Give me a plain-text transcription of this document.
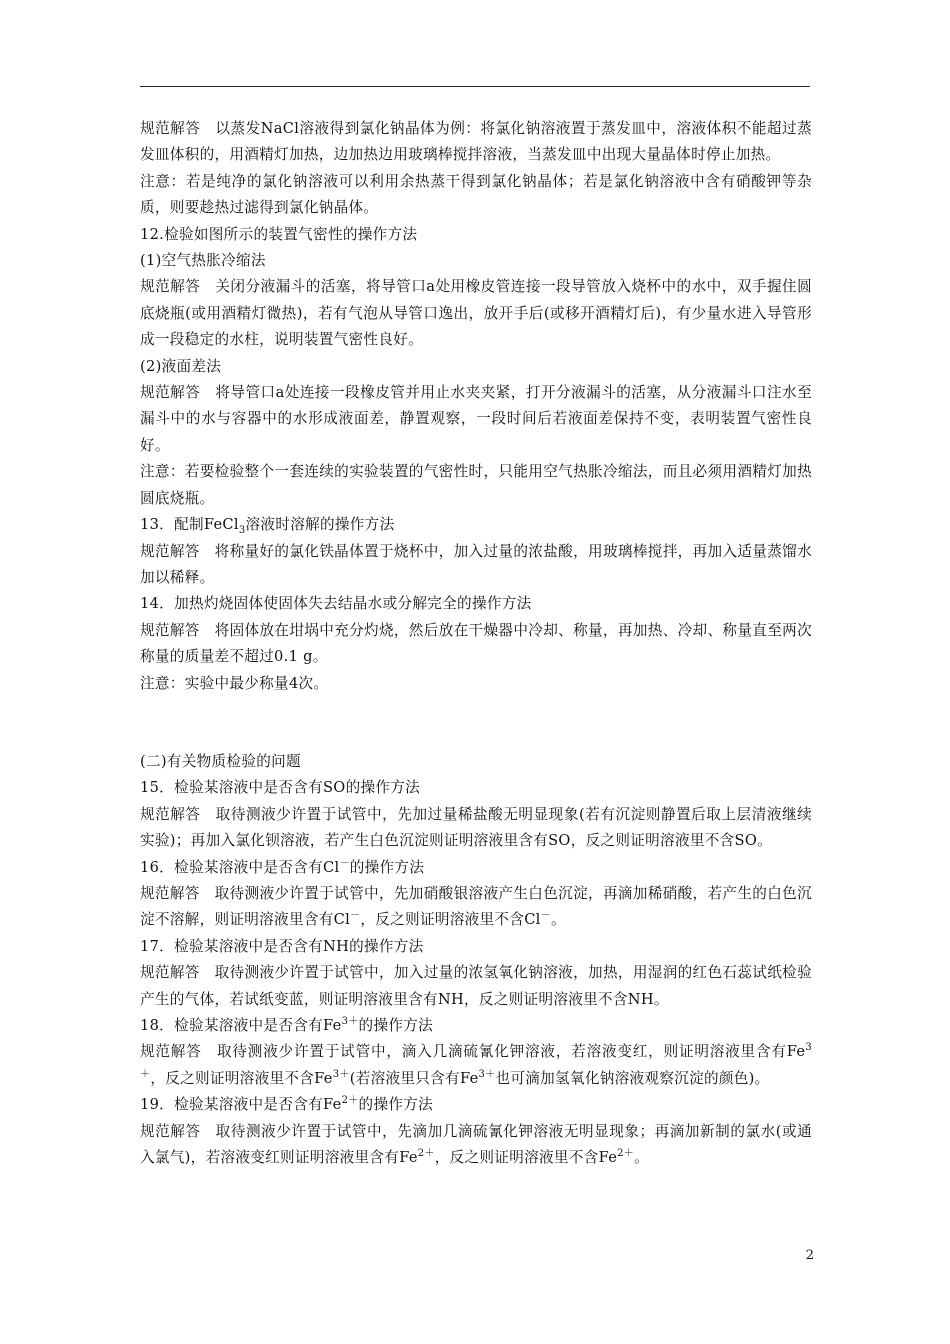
规范解答　以蒸发NaCl溶液得到氯化钠晶体为例：将氯化钠溶液置于蒸发皿中，溶液体积不能超过蒸发皿体积的，用酒精灯加热，边加热边用玻璃棒搅拌溶液，当蒸发皿中出现大量晶体时停止加热。

注意：若是纯净的氯化钠溶液可以利用余热蒸干得到氯化钠晶体；若是氯化钠溶液中含有硝酸钾等杂质，则要趁热过滤得到氯化钠晶体。

12.检验如图所示的装置气密性的操作方法

(1)空气热胀冷缩法

规范解答　关闭分液漏斗的活塞，将导管口a处用橡皮管连接一段导管放入烧杯中的水中，双手握住圆底烧瓶(或用酒精灯微热)，若有气泡从导管口逸出，放开手后(或移开酒精灯后)，有少量水进入导管形成一段稳定的水柱，说明装置气密性良好。

(2)液面差法

规范解答　将导管口a处连接一段橡皮管并用止水夹夹紧，打开分液漏斗的活塞，从分液漏斗口注水至漏斗中的水与容器中的水形成液面差，静置观察，一段时间后若液面差保持不变，表明装置气密性良好。

注意：若要检验整个一套连续的实验装置的气密性时，只能用空气热胀冷缩法，而且必须用酒精灯加热圆底烧瓶。

13．配制FeCl$_3$溶液时溶解的操作方法

规范解答　将称量好的氯化铁晶体置于烧杯中，加入过量的浓盐酸，用玻璃棒搅拌，再加入适量蒸馏水加以稀释。

14．加热灼烧固体使固体失去结晶水或分解完全的操作方法

规范解答　将固体放在坩埚中充分灼烧，然后放在干燥器中冷却、称量，再加热、冷却、称量直至两次称量的质量差不超过0.1 g。

注意：实验中最少称量4次。

(二)有关物质检验的问题

15．检验某溶液中是否含有SO的操作方法

规范解答　取待测液少许置于试管中，先加过量稀盐酸无明显现象(若有沉淀则静置后取上层清液继续实验)；再加入氯化钡溶液，若产生白色沉淀则证明溶液里含有SO，反之则证明溶液里不含SO。

16．检验某溶液中是否含有Cl－的操作方法

规范解答　取待测液少许置于试管中，先加硝酸银溶液产生白色沉淀，再滴加稀硝酸，若产生的白色沉淀不溶解，则证明溶液里含有Cl－，反之则证明溶液里不含Cl－。

17．检验某溶液中是否含有NH的操作方法

规范解答　取待测液少许置于试管中，加入过量的浓氢氧化钠溶液，加热，用湿润的红色石蕊试纸检验产生的气体，若试纸变蓝，则证明溶液里含有NH，反之则证明溶液里不含NH。

18．检验某溶液中是否含有$Fe^{3+}$的操作方法

规范解答　取待测液少许置于试管中，滴入几滴硫氰化钾溶液，若溶液变红，则证明溶液里含有$Fe^{3+}$，反之则证明溶液里不含$Fe^{3+}$(若溶液里只含有$Fe^{3+}$也可滴加氢氧化钠溶液观察沉淀的颜色)。

19．检验某溶液中是否含有$Fe^{2+}$的操作方法

规范解答　取待测液少许置于试管中，先滴加几滴硫氰化钾溶液无明显现象；再滴加新制的氯水(或通入氯气)，若溶液变红则证明溶液里含有$Fe^{2+}$，反之则证明溶液里不含$Fe^{2+}$。

2
